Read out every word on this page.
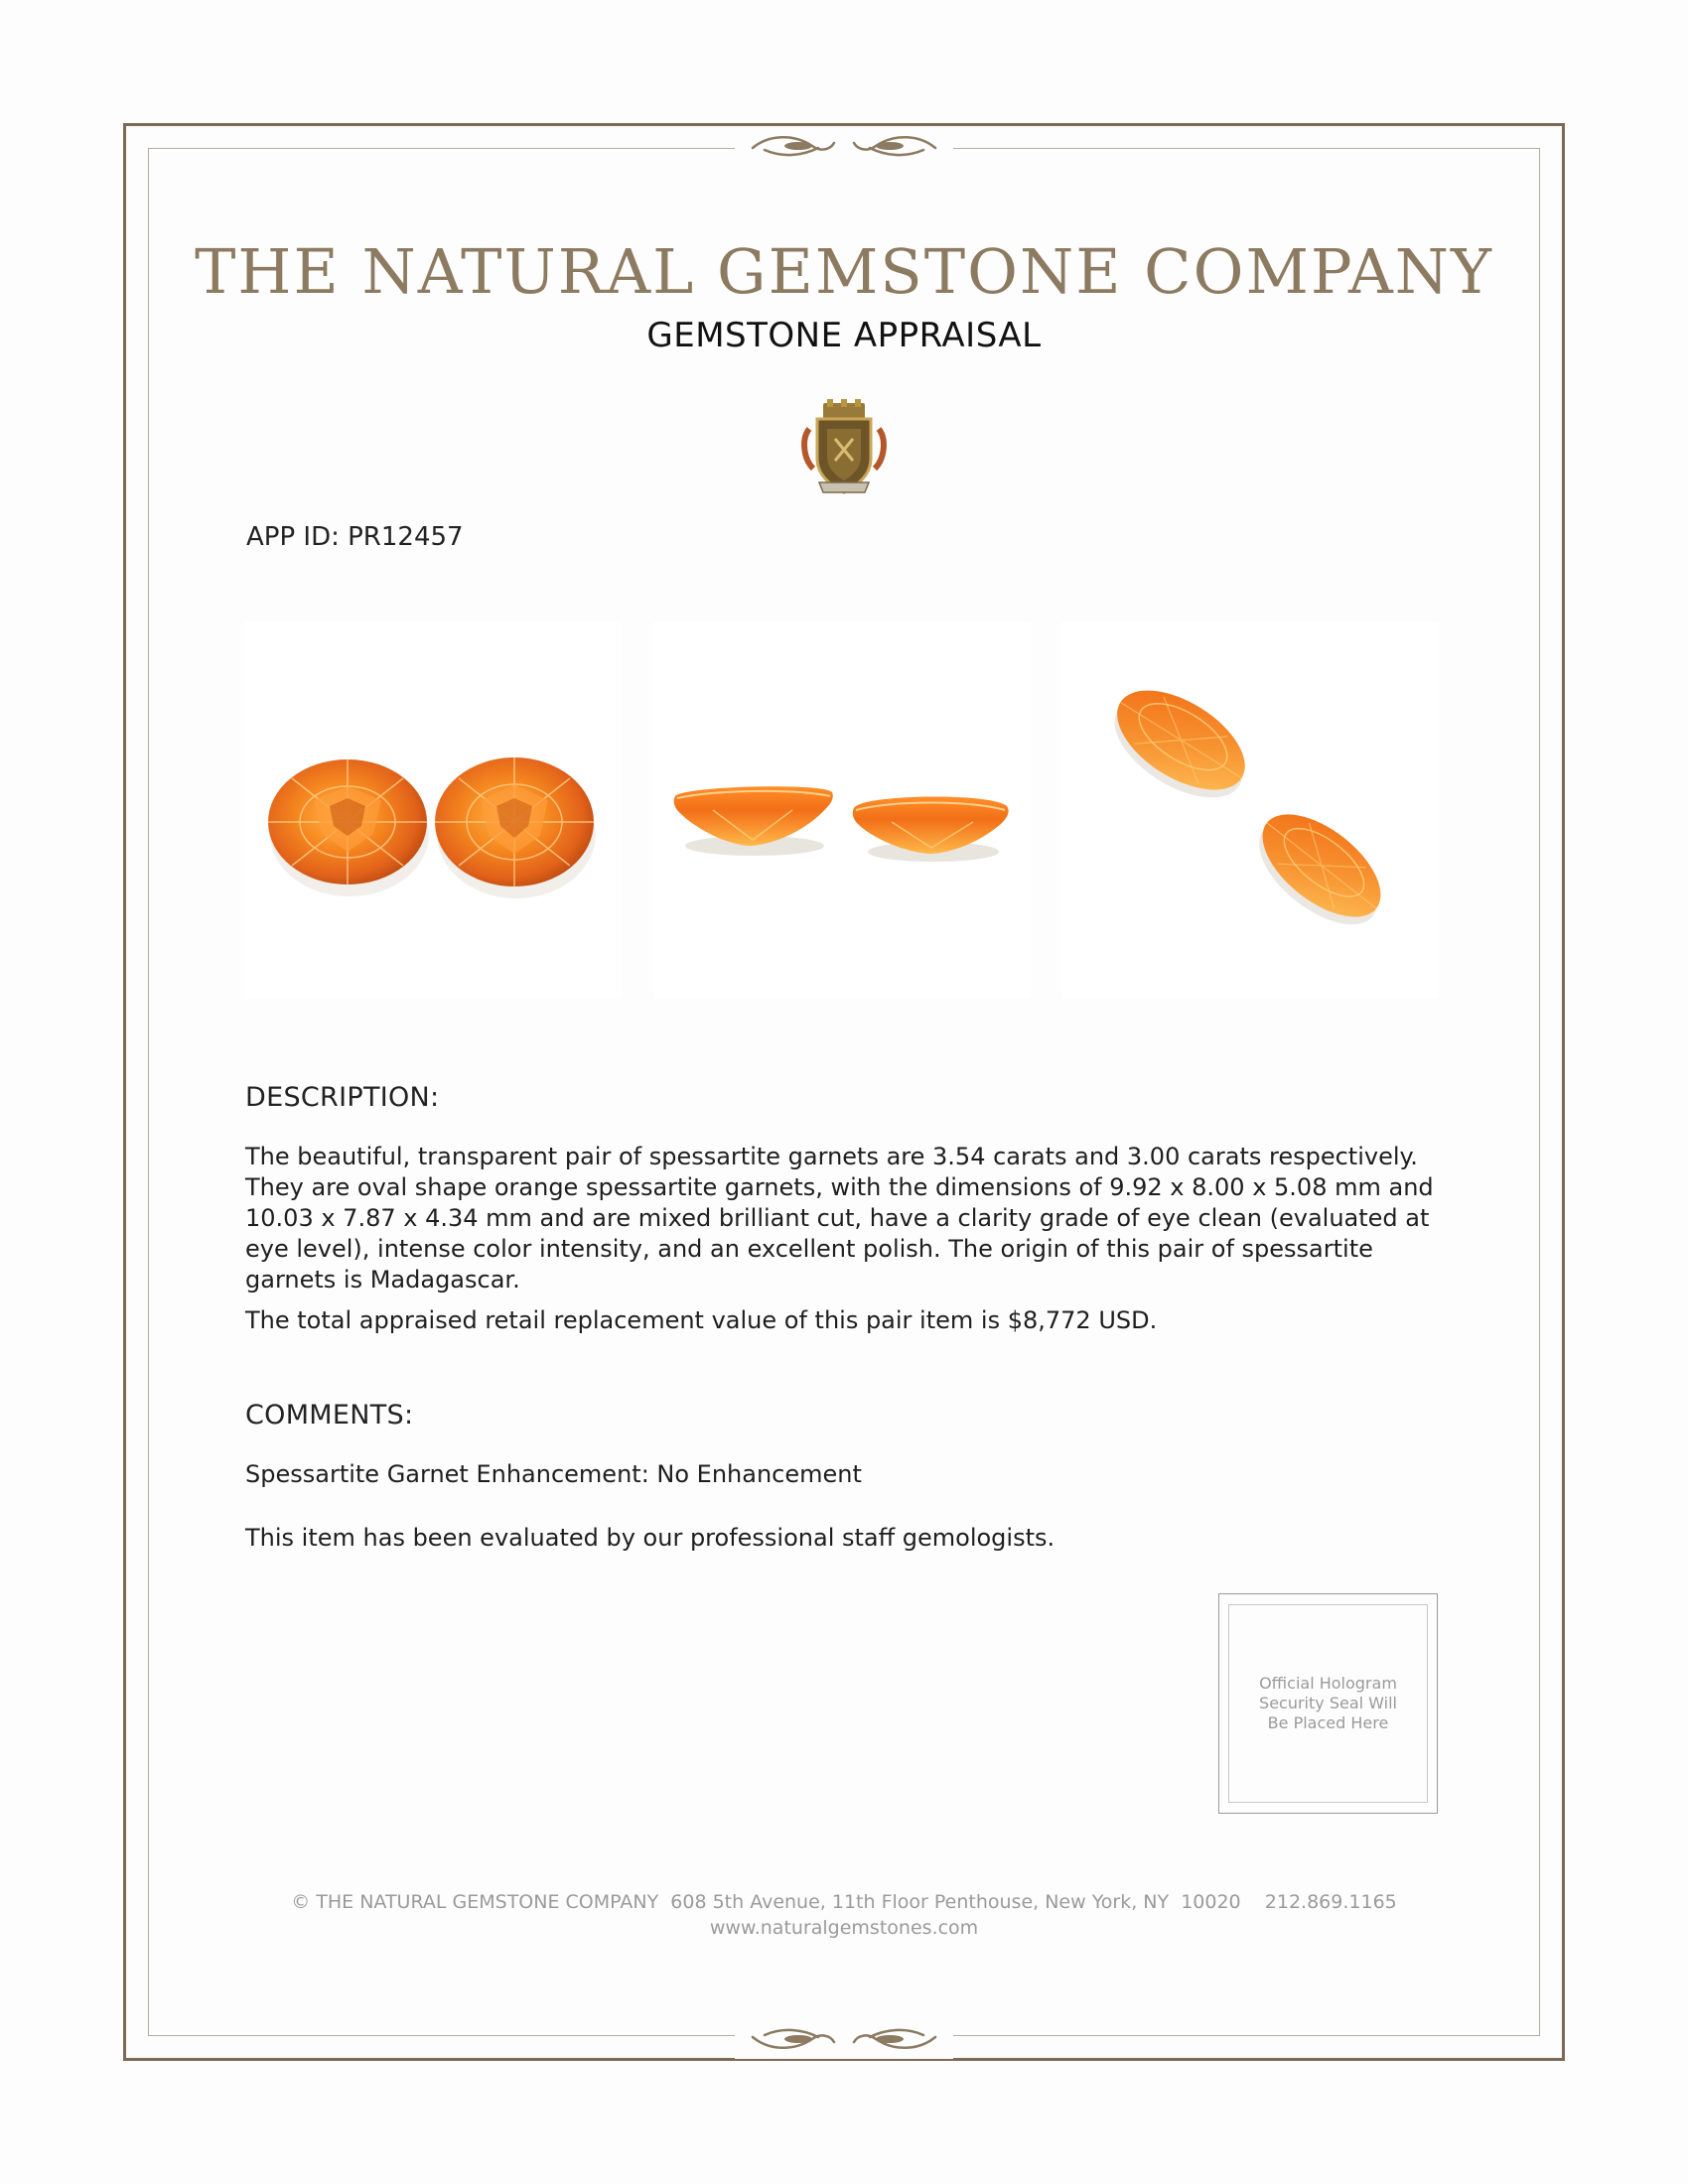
THE NATURAL GEMSTONE COMPANY
GEMSTONE APPRAISAL
APP ID: PR12457
DESCRIPTION:
The beautiful, transparent pair of spessartite garnets are 3.54 carats and 3.00 carats respectively. They are oval shape orange spessartite garnets, with the dimensions of 9.92 x 8.00 x 5.08 mm and 10.03 x 7.87 x 4.34 mm and are mixed brilliant cut, have a clarity grade of eye clean (evaluated at eye level), intense color intensity, and an excellent polish. The origin of this pair of spessartite garnets is Madagascar.
The total appraised retail replacement value of this pair item is $8,772 USD.
COMMENTS:
Spessartite Garnet Enhancement: No Enhancement
This item has been evaluated by our professional staff gemologists.
Official Hologram Security Seal Will Be Placed Here
© THE NATURAL GEMSTONE COMPANY  608 5th Avenue, 11th Floor Penthouse, New York, NY  10020    212.869.1165
www.naturalgemstones.com
